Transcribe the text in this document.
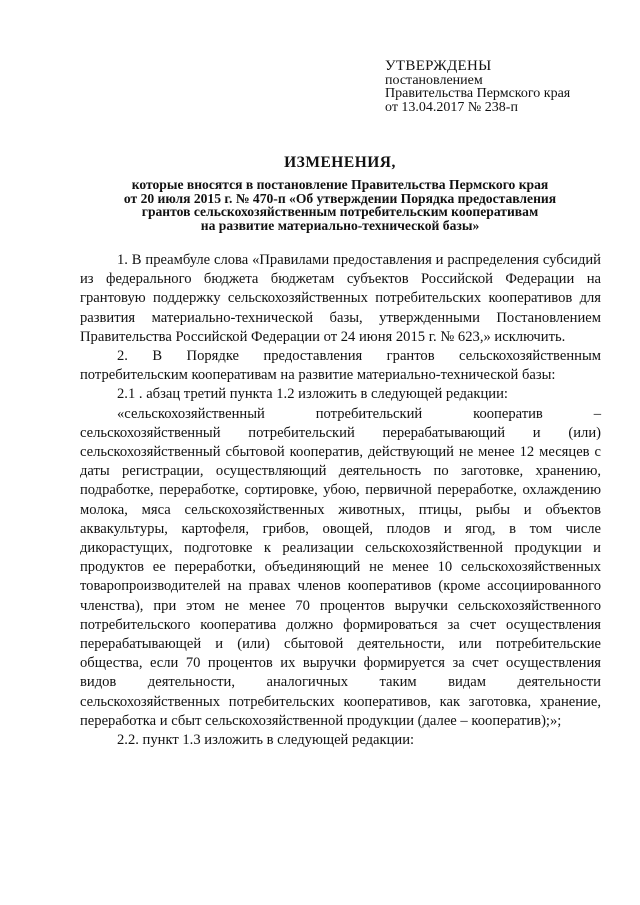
УТВЕРЖДЕНЫ
постановлением
Правительства Пермского края
от 13.04.2017 № 238-п
ИЗМЕНЕНИЯ,
которые вносятся в постановление Правительства Пермского края
от 20 июля 2015 г. № 470-п «Об утверждении Порядка предоставления
грантов сельскохозяйственным потребительским кооперативам
на развитие материально-технической базы»

1. В преамбуле слова «Правилами предоставления и распределения субсидий из федерального бюджета бюджетам субъектов Российской Федерации на грантовую поддержку сельскохозяйственных потребительских кооперативов для развития материально-технической базы, утвержденными Постановлением Правительства Российской Федерации от 24 июня 2015 г. № 623,» исключить.

2. В Порядке предоставления грантов сельскохозяйственным потребительским кооперативам на развитие материально-технической базы:

2.1 . абзац третий пункта 1.2 изложить в следующей редакции:

«сельскохозяйственный потребительский кооператив – сельскохозяйственный потребительский перерабатывающий и (или) сельскохозяйственный сбытовой кооператив, действующий не менее 12 месяцев с даты регистрации, осуществляющий деятельность по заготовке, хранению, подработке, переработке, сортировке, убою, первичной переработке, охлаждению молока, мяса сельскохозяйственных животных, птицы, рыбы и объектов аквакультуры, картофеля, грибов, овощей, плодов и ягод, в том числе дикорастущих, подготовке к реализации сельскохозяйственной продукции и продуктов ее переработки, объединяющий не менее 10 сельскохозяйственных товаропроизводителей на правах членов кооперативов (кроме ассоциированного членства), при этом не менее 70 процентов выручки сельскохозяйственного потребительского кооператива должно формироваться за счет осуществления перерабатывающей и (или) сбытовой деятельности, или потребительские общества, если 70 процентов их выручки формируется за счет осуществления видов деятельности, аналогичных таким видам деятельности сельскохозяйственных потребительских кооперативов, как заготовка, хранение, переработка и сбыт сельскохозяйственной продукции (далее – кооператив);»;

2.2. пункт 1.3 изложить в следующей редакции:
